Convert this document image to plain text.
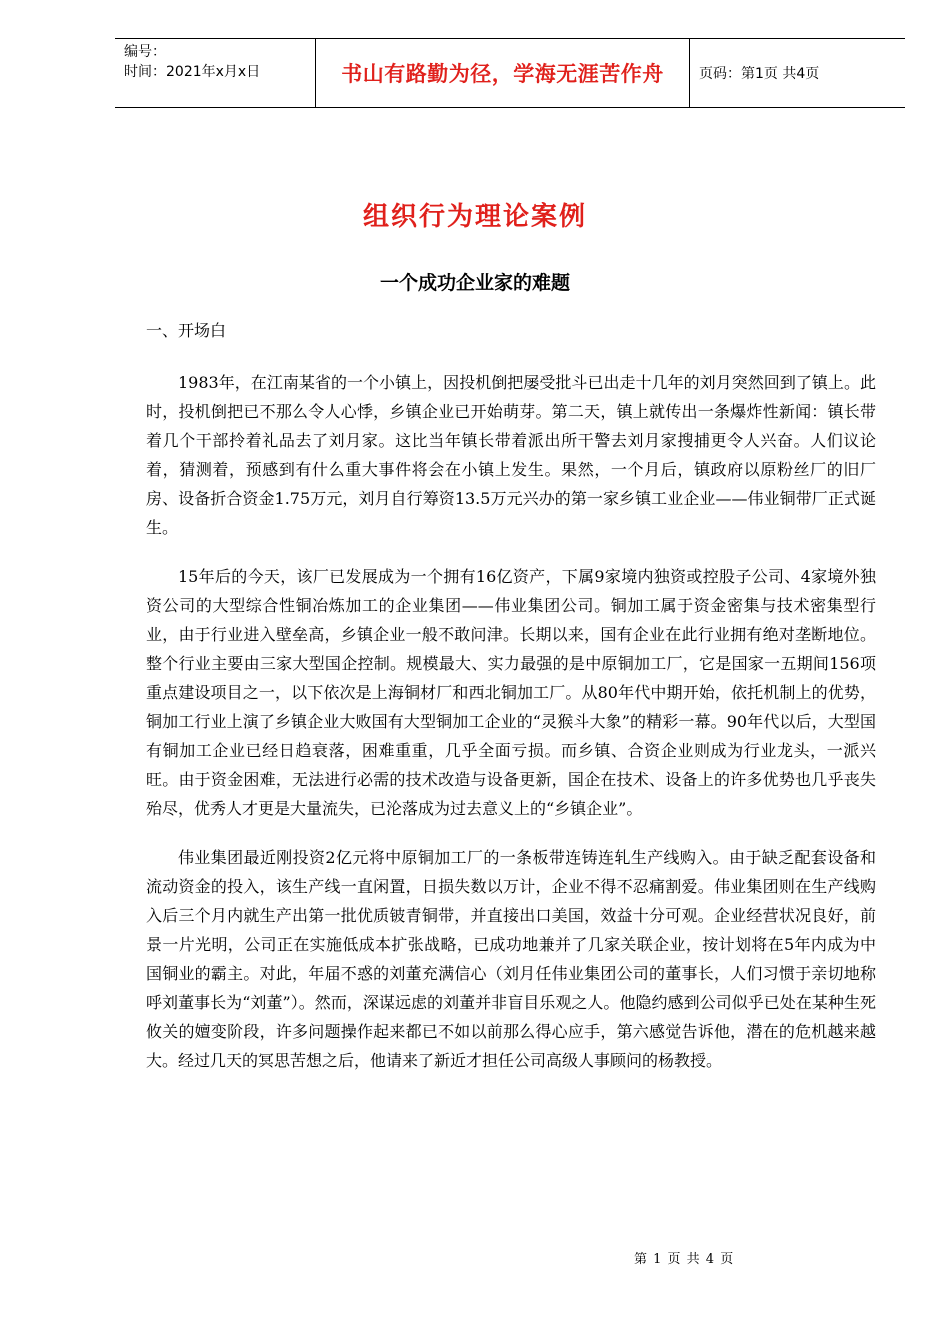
编号：
时间：2021年x月x日	书山有路勤为径，学海无涯苦作舟	页码：第1页 共4页
组织行为理论案例
一个成功企业家的难题
一、开场白

1983年，在江南某省的一个小镇上，因投机倒把屡受批斗已出走十几年的刘月突然回到了镇上。此时，投机倒把已不那么令人心悸，乡镇企业已开始萌芽。第二天，镇上就传出一条爆炸性新闻：镇长带着几个干部拎着礼品去了刘月家。这比当年镇长带着派出所干警去刘月家搜捕更令人兴奋。人们议论着，猜测着，预感到有什么重大事件将会在小镇上发生。果然，一个月后，镇政府以原粉丝厂的旧厂房、设备折合资金1.75万元，刘月自行筹资13.5万元兴办的第一家乡镇工业企业——伟业铜带厂正式诞生。

15年后的今天，该厂已发展成为一个拥有16亿资产，下属9家境内独资或控股子公司、4家境外独资公司的大型综合性铜冶炼加工的企业集团——伟业集团公司。铜加工属于资金密集与技术密集型行业，由于行业进入壁垒高，乡镇企业一般不敢问津。长期以来，国有企业在此行业拥有绝对垄断地位。整个行业主要由三家大型国企控制。规模最大、实力最强的是中原铜加工厂，它是国家一五期间156项重点建设项目之一，以下依次是上海铜材厂和西北铜加工厂。从80年代中期开始，依托机制上的优势，铜加工行业上演了乡镇企业大败国有大型铜加工企业的“灵猴斗大象”的精彩一幕。90年代以后，大型国有铜加工企业已经日趋衰落，困难重重，几乎全面亏损。而乡镇、合资企业则成为行业龙头，一派兴旺。由于资金困难，无法进行必需的技术改造与设备更新，国企在技术、设备上的许多优势也几乎丧失殆尽，优秀人才更是大量流失，已沦落成为过去意义上的“乡镇企业”。

伟业集团最近刚投资2亿元将中原铜加工厂的一条板带连铸连轧生产线购入。由于缺乏配套设备和流动资金的投入，该生产线一直闲置，日损失数以万计，企业不得不忍痛割爱。伟业集团则在生产线购入后三个月内就生产出第一批优质铍青铜带，并直接出口美国，效益十分可观。企业经营状况良好，前景一片光明，公司正在实施低成本扩张战略，已成功地兼并了几家关联企业，按计划将在5年内成为中国铜业的霸主。对此，年届不惑的刘董充满信心（刘月任伟业集团公司的董事长，人们习惯于亲切地称呼刘董事长为“刘董”）。然而，深谋远虑的刘董并非盲目乐观之人。他隐约感到公司似乎已处在某种生死攸关的嬗变阶段，许多问题操作起来都已不如以前那么得心应手，第六感觉告诉他，潜在的危机越来越大。经过几天的冥思苦想之后，他请来了新近才担任公司高级人事顾问的杨教授。

第 1 页 共 4 页
